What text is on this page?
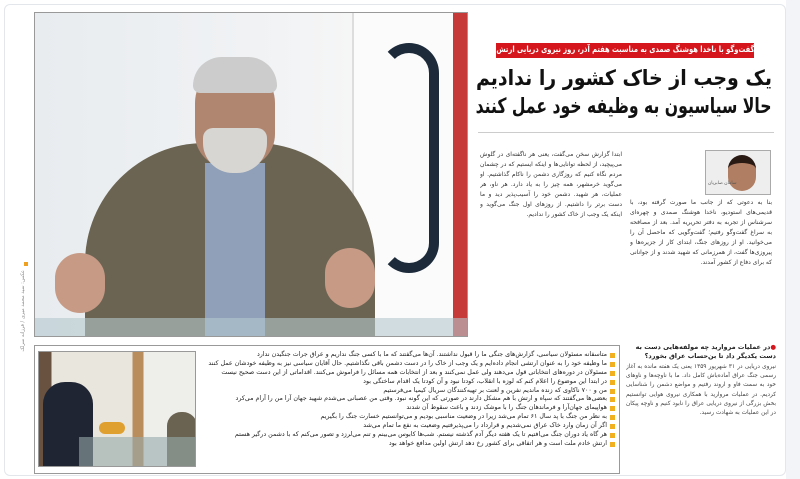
عکس: سید محمد میری / فرزانه سرلک
گفت‌وگو با ناخدا هوشنگ صمدی به مناسبت هفتم آذر، روز نیروی دریایی ارتش
یک وجب از خاک کشور را ندادیم
حالا سیاسیون به وظیفه خود عمل کنند
سامان صابریان
بنا به دعوتی که از جانب ما صورت گرفته بود، با قدیمی‌های استودیو، ناخدا هوشنگ صمدی و چهره‌ای سرشناس از تجربه به دفتر تحریریه آمد. بعد از مصافحه به سراغ گفت‌وگو رفتیم؛ گفت‌وگویی که ماحصل آن را می‌خوانید. او از روزهای جنگ، ابتدای کار از جزیره‌ها و پیروزی‌ها گفت، از همرزمانی که شهید شدند و از جوانانی که برای دفاع از کشور آمدند.
ابتدا گزارش سخن می‌گفت، یعنی هر ناگفته‌ای در گلوش می‌پیچید، از لحظه توانایی‌ها و اینکه ایستیم که در چشمان مردم نگاه کنیم که روزگاری دشمن را ناکام گذاشتیم. او می‌گوید خرمشهر، همه چیز را به یاد دارد. هر ناو، هر عملیات، هر شهید. دشمن خود را آسیب‌پذیر دید و ما دست برتر را داشتیم. از روزهای اول جنگ می‌گوید و اینکه یک وجب از خاک کشور را ندادیم.
متاسفانه مسئولان سیاسی، گزارش‌های جنگی ما را قبول نداشتند. آن‌ها می‌گفتند که ما با کسی جنگ نداریم و عراق جرات جنگیدن ندارد
ما وظیفه خود را به عنوان ارتشی انجام داده‌ایم و یک وجب از خاک را در دست دشمن باقی نگذاشتیم. حال آقایان سیاسی نیز به وظیفه خودشان عمل کنند
مسئولان در دوره‌های انتخاباتی قول می‌دهند ولی عمل نمی‌کنند و بعد از انتخابات همه مسائل را فراموش می‌کنند. اقداماتی از این دست صحیح نیست
در ابتدا این موضوع را اعلام کنم که لوزه با انقلاب، کودتا نبود و آن کودتا یک اقدام ساختگی بود
من و ۷۰۰ ناکاوی که زنده ماندیم نفرین و لعنت بر تهیه‌کنندگان سریال کیمیا می‌فرستیم
بعضی‌ها می‌گفتند که سپاه و ارتش با هم مشکل دارند در صورتی که این گونه نبود. وقتی من عصبانی می‌شدم شهید جهان آرا من را آرام می‌کرد
هواپیمای جهان‌آرا و فرماندهان جنگ را با موشک زدند و باعث سقوط آن شدند
به نظر من جنگ با پد سال ۶۱ تمام می‌شد زیرا در وضعیت مناسبی بودیم و می‌توانستیم خسارت جنگ را بگیریم
اگر آن زمان وارد خاک عراق نمی‌شدیم و قرارداد را می‌پذیرفتیم وضعیت به نفع ما تمام می‌شد
هر گاه یاد دوران جنگ می‌افتیم تا یک هفته دیگر آدم گذشته نیستم. شب‌ها کابوس می‌بینم و تنم می‌لرزد و تصور می‌کنم که با دشمن درگیر هستم
ارتش خادم ملت است و هر اتفاقی برای کشور رخ دهد ارتش اولین مدافع خواهد بود
●در عملیات مروارید چه مولفه‌هایی دست به دست یکدیگر داد تا بن‌حساب عراق بخورد؟
نیروی دریایی در ۳۱ شهریور ۱۳۵۹ یعنی یک هفته مانده به آغاز رسمی جنگ عراق آماده‌باش کامل داد. ما با ناوچه‌ها و ناوهای خود به سمت فاو و اروند رفتیم و مواضع دشمن را شناسایی کردیم. در عملیات مروارید با همکاری نیروی هوایی توانستیم بخش بزرگی از نیروی دریایی عراق را نابود کنیم و ناوچه پیکان در این عملیات به شهادت رسید.
